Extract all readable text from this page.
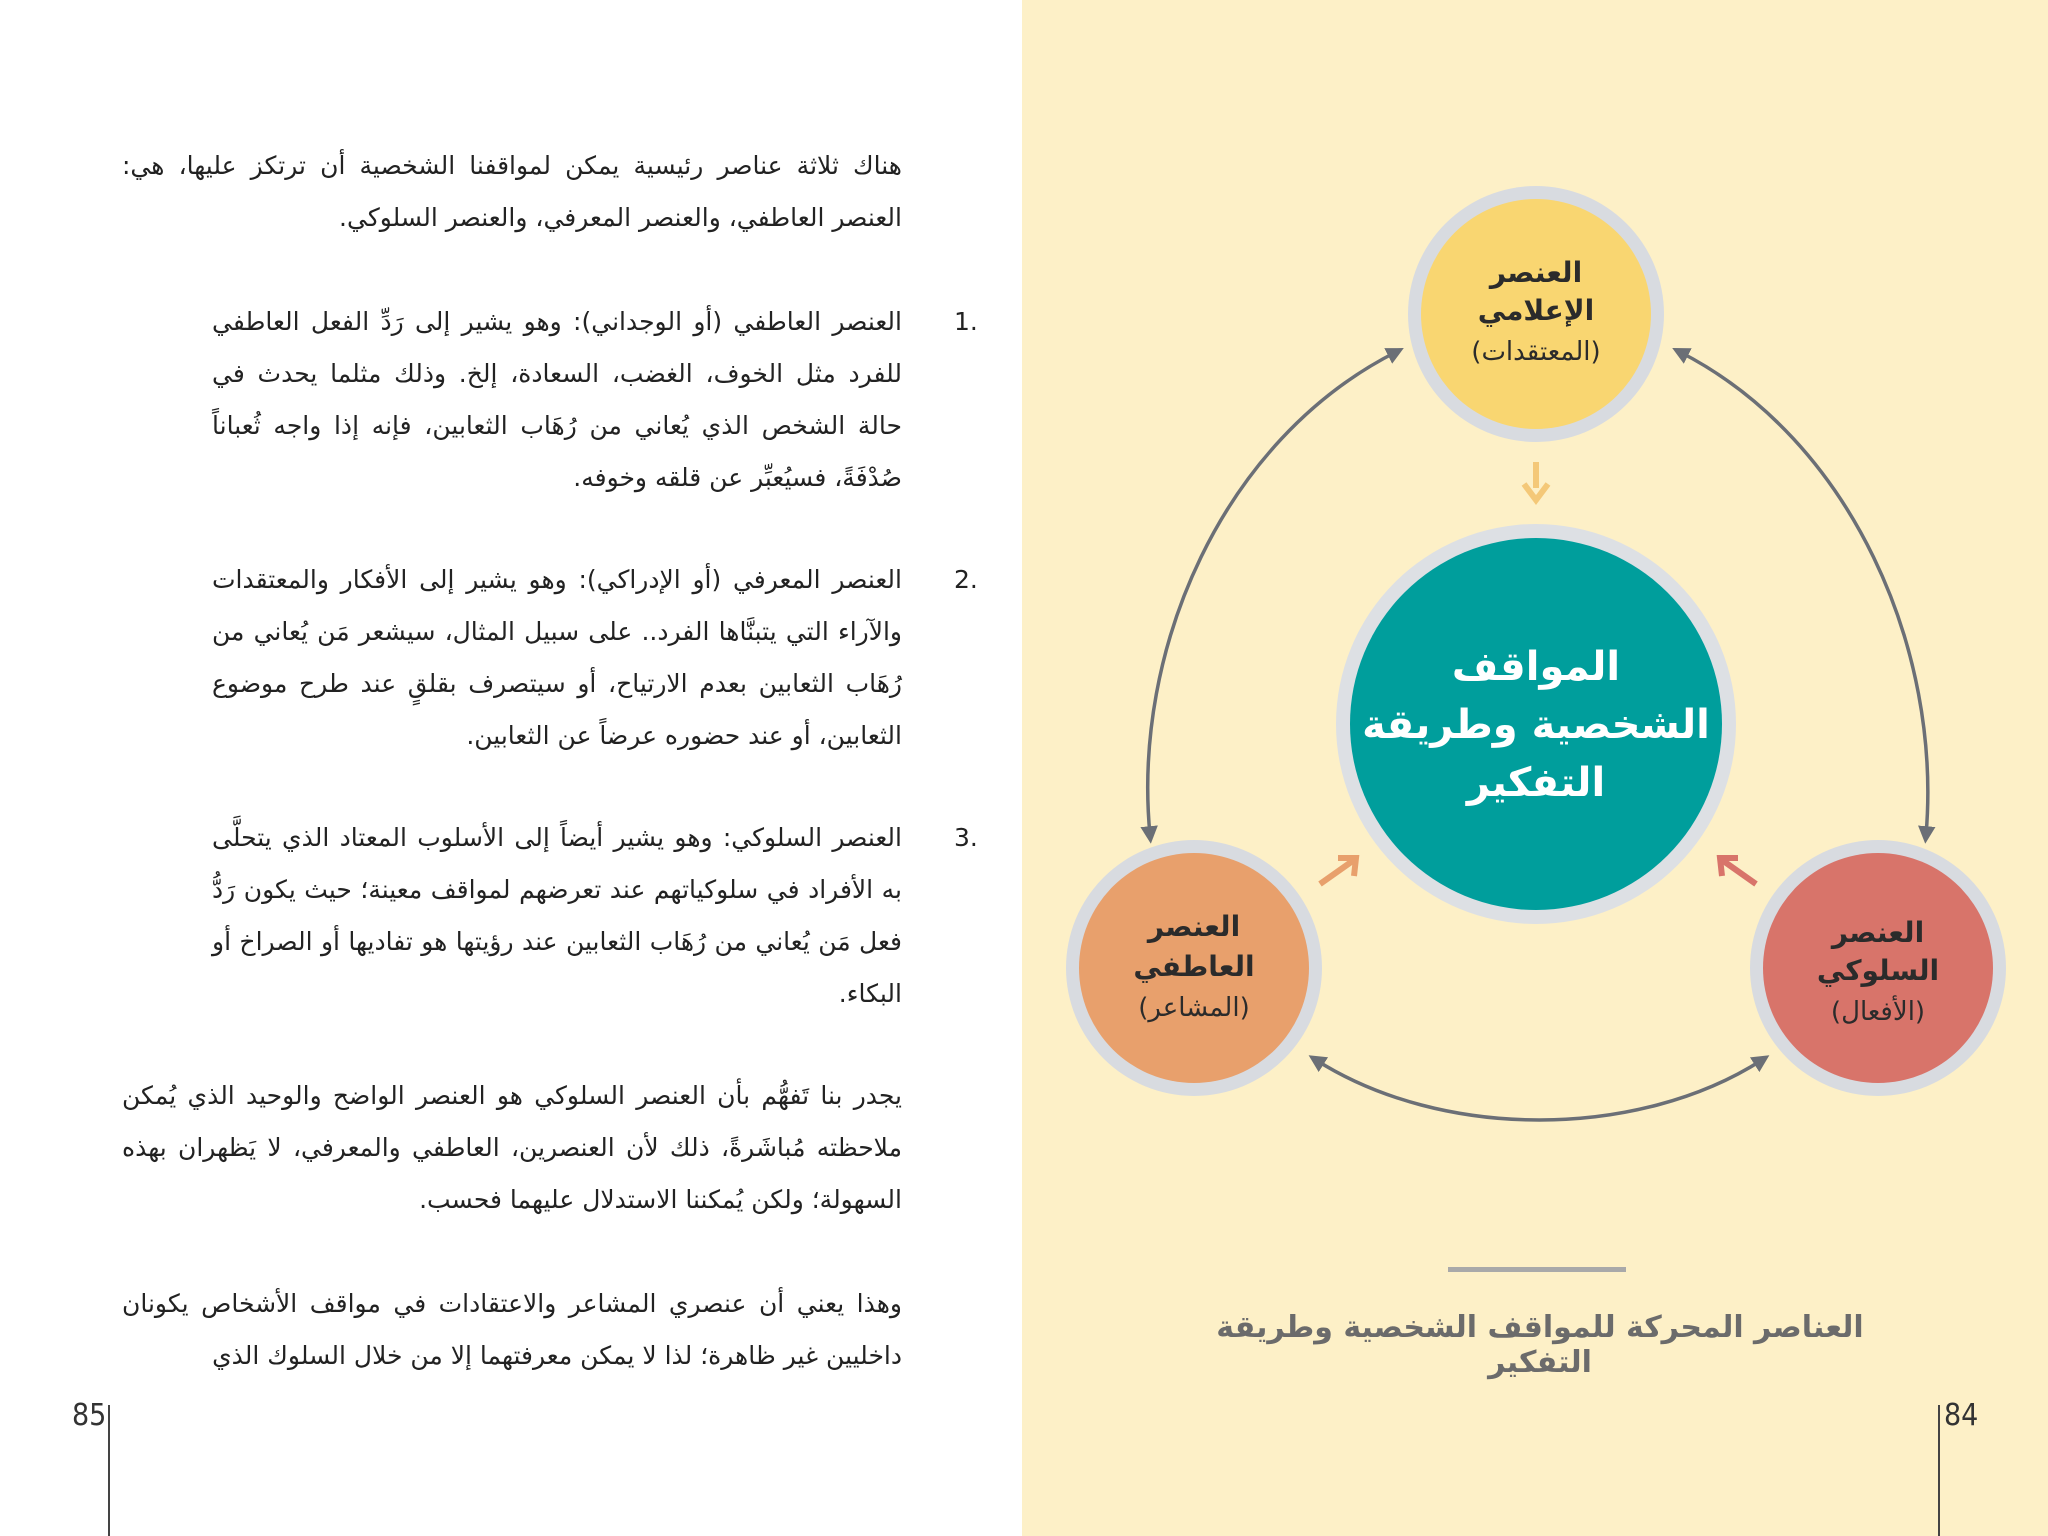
هناك ثلاثة عناصر رئيسية يمكن لمواقفنا الشخصية أن ترتكز عليها، هي: العنصر العاطفي، والعنصر المعرفي، والعنصر السلوكي.
1.
العنصر العاطفي (أو الوجداني): وهو يشير إلى رَدِّ الفعل العاطفي للفرد مثل الخوف، الغضب، السعادة، إلخ. وذلك مثلما يحدث في حالة الشخص الذي يُعاني من رُهَاب الثعابين، فإنه إذا واجه ثُعباناً صُدْفَةً، فسيُعبِّر عن قلقه وخوفه.
2.
العنصر المعرفي (أو الإدراكي): وهو يشير إلى الأفكار والمعتقدات والآراء التي يتبنَّاها الفرد.. على سبيل المثال، سيشعر مَن يُعاني من رُهَاب الثعابين بعدم الارتياح، أو سيتصرف بقلقٍ عند طرح موضوع الثعابين، أو عند حضوره عرضاً عن الثعابين.
3.
العنصر السلوكي: وهو يشير أيضاً إلى الأسلوب المعتاد الذي يتحلَّى به الأفراد في سلوكياتهم عند تعرضهم لمواقف معينة؛ حيث يكون رَدُّ فعل مَن يُعاني من رُهَاب الثعابين عند رؤيتها هو تفاديها أو الصراخ أو البكاء.
يجدر بنا تَفهُّم بأن العنصر السلوكي هو العنصر الواضح والوحيد الذي يُمكن ملاحظته مُباشَرةً، ذلك لأن العنصرين، العاطفي والمعرفي، لا يَظهران بهذه السهولة؛ ولكن يُمكننا الاستدلال عليهما فحسب.
وهذا يعني أن عنصري المشاعر والاعتقادات في مواقف الأشخاص يكونان داخليين غير ظاهرة؛ لذا لا يمكن معرفتهما إلا من خلال السلوك الذي
85
المواقف
الشخصية وطريقة
التفكير
العنصر
الإعلامي
(المعتقدات)
العنصر
العاطفي
(المشاعر)
العنصر
السلوكي
(الأفعال)
العناصر المحركة للمواقف الشخصية وطريقة التفكير
84
